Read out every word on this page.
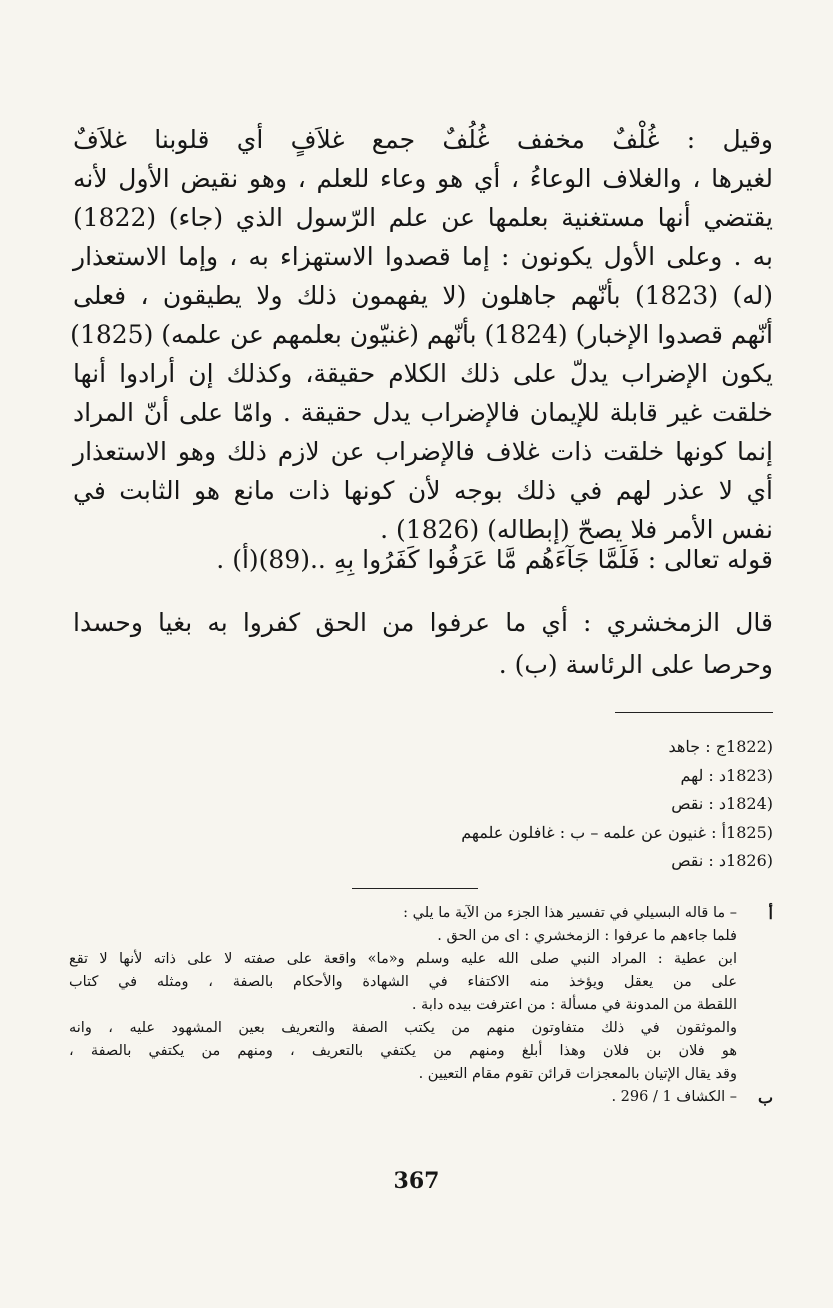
وقيل : غُلْفٌ مخفف غُلُفٌ جمع غلاَفٍ أي قلوبنا غلاَفٌ
لغيرها ، والغلاف الوعاءُ ، أي هو وعاء للعلم ، وهو نقيض الأول لأنه
يقتضي أنها مستغنية بعلمها عن علم الرّسول الذي (جاء) (1822)
به . وعلى الأول يكونون : إما قصدوا الاستهزاء به ، وإما الاستعذار
(له) (1823) بأنّهم جاهلون (لا يفهمون ذلك ولا يطيقون ، فعلى
أنّهم قصدوا الإخبار) (1824) بأنّهم (غنيّون بعلمهم عن علمه) (1825)
يكون الإضراب يدلّ على ذلك الكلام حقيقة، وكذلك إن أرادوا أنها
خلقت غير قابلة للإيمان فالإضراب يدل حقيقة . وامّا على أنّ المراد
إنما كونها خلقت ذات غلاف فالإضراب عن لازم ذلك وهو الاستعذار
أي لا عذر لهم في ذلك بوجه لأن كونها ذات مانع هو الثابت في
نفس الأمر فلا يصحّ (إبطاله) (1826) .
قوله تعالى : فَلَمَّا جَآءَهُم مَّا عَرَفُوا كَفَرُوا بِهِ ..(89)(أ) .
قال الزمخشري : أي ما عرفوا من الحق كفروا به بغيا وحسدا
وحرصا على الرئاسة (ب) .
(1822ج : جاهد
(1823د : لهم
(1824د : نقص
(1825أ : غنيون عن علمه – ب : غافلون علمهم
(1826د : نقص
أ
– ما قاله البسيلي في تفسير هذا الجزء من الآية ما يلي :
فلما جاءهم ما عرفوا : الزمخشري : اى من الحق .
ابن عطية : المراد النبي صلى الله عليه وسلم و«ما» واقعة على صفته لا على ذاته لأنها لا تقع
على من يعقل ويؤخذ منه الاكتفاء في الشهادة والأحكام بالصفة ، ومثله في كتاب
اللقطة من المدونة في مسألة : من اعترفت بيده دابة .
والموثقون في ذلك متفاوتون منهم من يكتب الصفة والتعريف بعين المشهود عليه ، وانه
هو فلان بن فلان وهذا أبلغ ومنهم من يكتفي بالتعريف ، ومنهم من يكتفي بالصفة ،
وقد يقال الإتيان بالمعجزات قرائن تقوم مقام التعيين .
ب
– الكشاف 1 / 296 .
367
